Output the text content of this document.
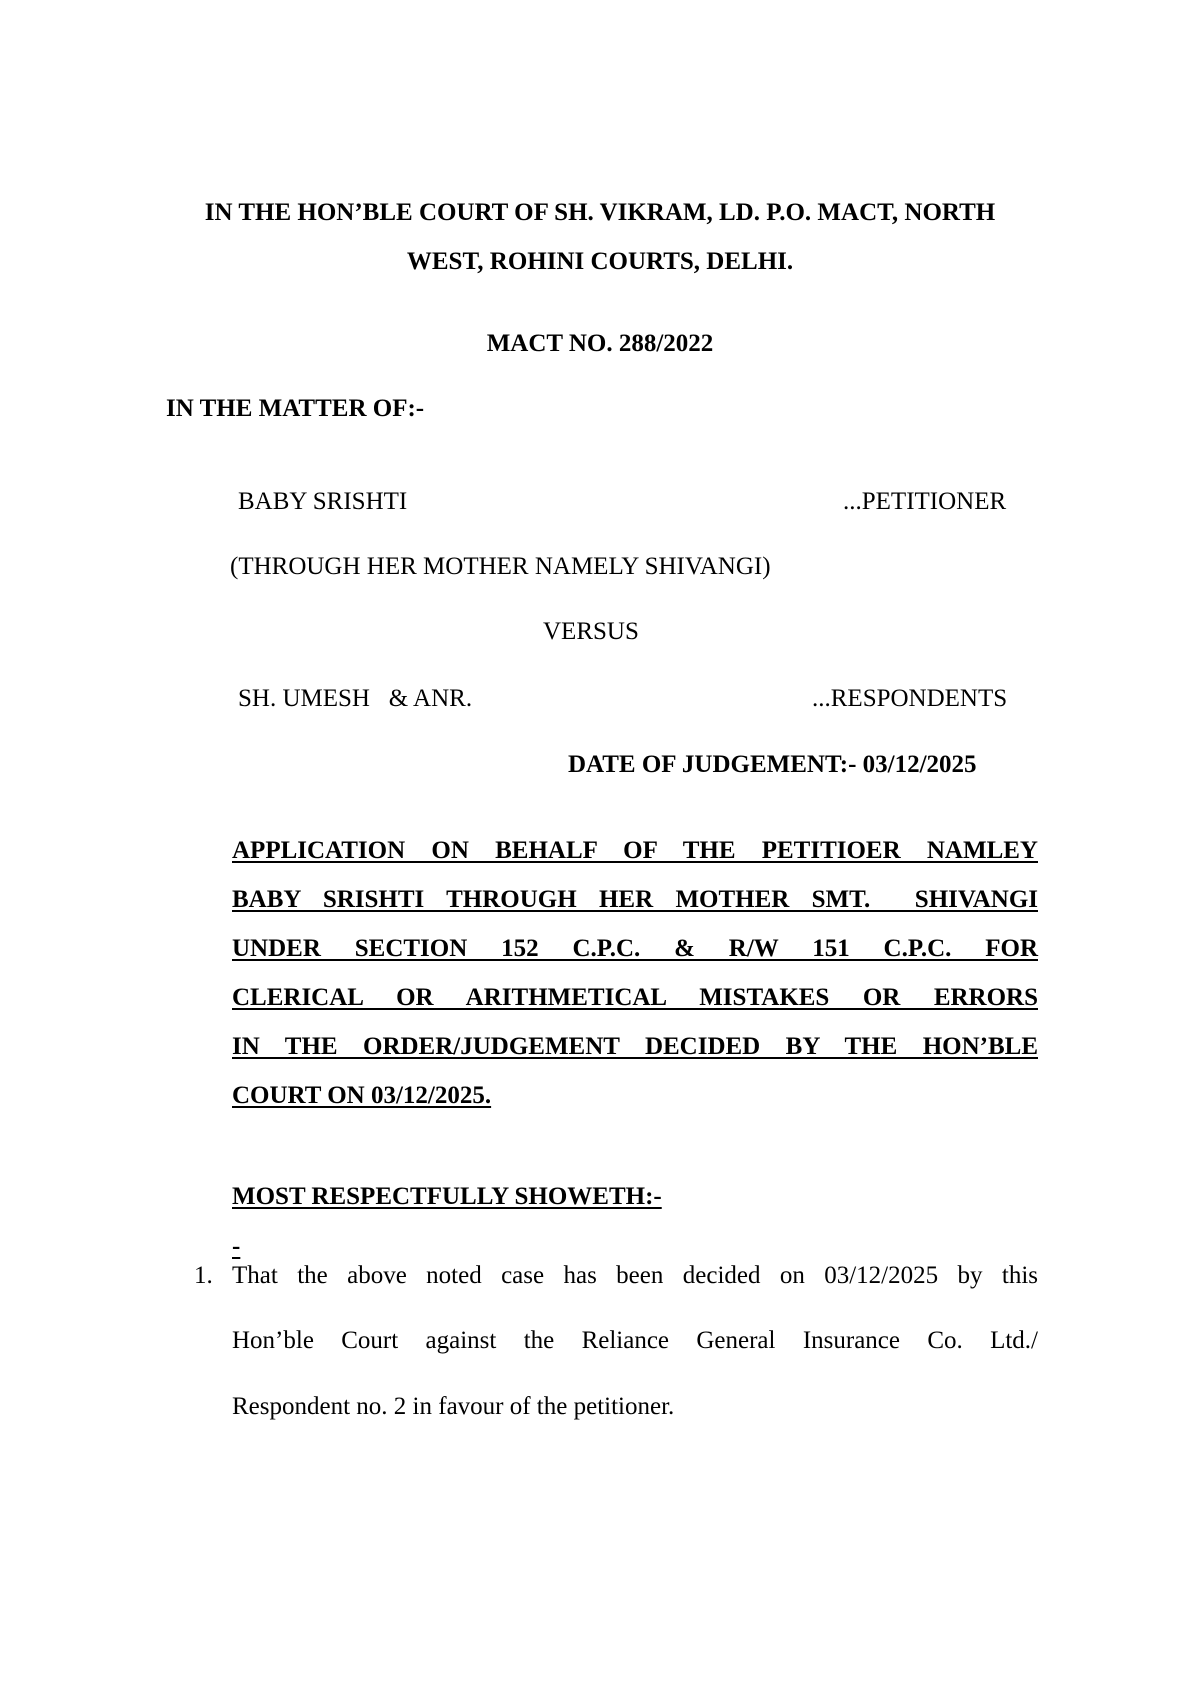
IN THE HON’BLE COURT OF SH. VIKRAM, LD. P.O. MACT, NORTH
WEST, ROHINI COURTS, DELHI.
MACT NO. 288/2022
IN THE MATTER OF:-
BABY SRISHTI	...PETITIONER
(THROUGH HER MOTHER NAMELY SHIVANGI)
VERSUS
SH. UMESH   & ANR.	...RESPONDENTS
DATE OF JUDGEMENT:- 03/12/2025
APPLICATION ON BEHALF OF THE PETITIOER NAMLEY
BABY SRISHTI THROUGH HER MOTHER SMT.  SHIVANGI
UNDER SECTION 152 C.P.C. & R/W 151 C.P.C. FOR
CLERICAL OR ARITHMETICAL MISTAKES OR ERRORS
IN THE ORDER/JUDGEMENT DECIDED BY THE HON’BLE
COURT ON 03/12/2025.
MOST RESPECTFULLY SHOWETH:-
-
1. That the above noted case has been decided on 03/12/2025 by this
Hon’ble Court against the Reliance General Insurance Co. Ltd./
Respondent no. 2 in favour of the petitioner.
